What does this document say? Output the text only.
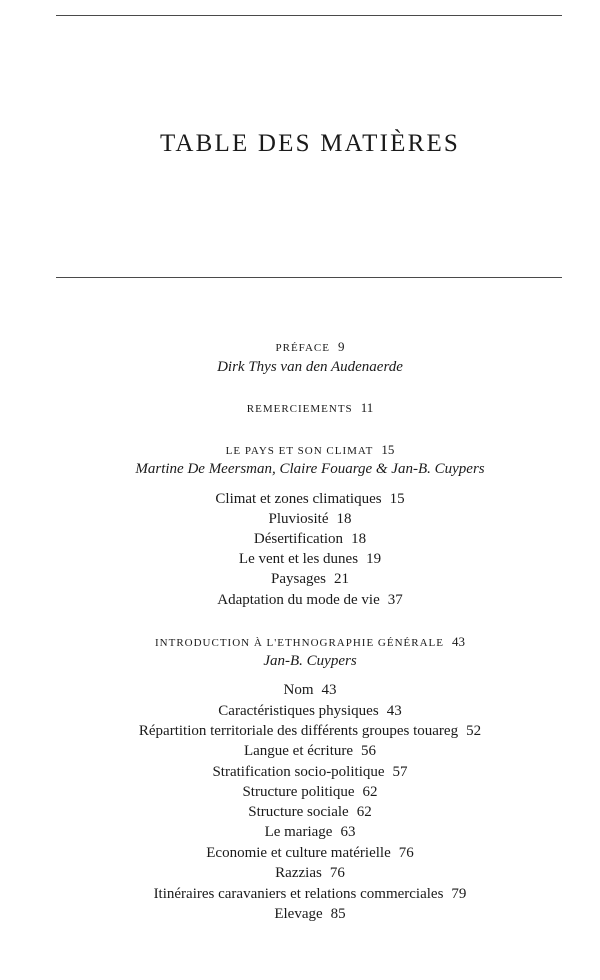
TABLE DES MATIÈRES
PRÉFACE 9
Dirk Thys van den Audenaerde
REMERCIEMENTS 11
LE PAYS ET SON CLIMAT 15
Martine De Meersman, Claire Fouarge & Jan-B. Cuypers
Climat et zones climatiques 15
Pluviosité 18
Désertification 18
Le vent et les dunes 19
Paysages 21
Adaptation du mode de vie 37
INTRODUCTION À L'ETHNOGRAPHIE GÉNÉRALE 43
Jan-B. Cuypers
Nom 43
Caractéristiques physiques 43
Répartition territoriale des différents groupes touareg 52
Langue et écriture 56
Stratification socio-politique 57
Structure politique 62
Structure sociale 62
Le mariage 63
Economie et culture matérielle 76
Razzias 76
Itinéraires caravaniers et relations commerciales 79
Elevage 85
